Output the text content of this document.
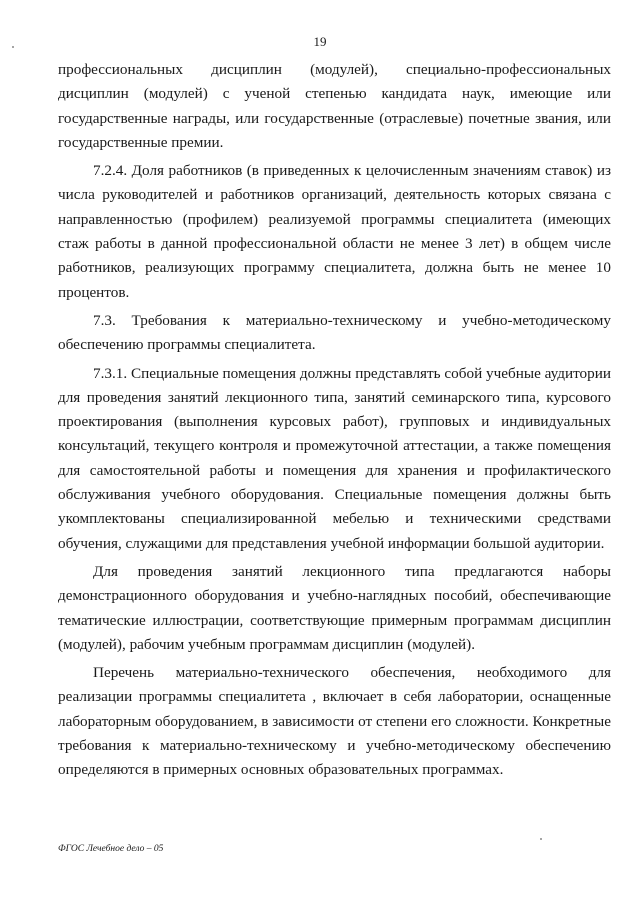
19

профессиональных дисциплин (модулей), специально-профессиональных дисциплин (модулей) с ученой степенью кандидата наук, имеющие или государственные награды, или государственные (отраслевые) почетные звания, или государственные премии.

7.2.4. Доля работников (в приведенных к целочисленным значениям ставок) из числа руководителей и работников организаций, деятельность которых связана с направленностью (профилем) реализуемой программы специалитета (имеющих стаж работы в данной профессиональной области не менее 3 лет) в общем числе работников, реализующих программу специалитета, должна быть не менее 10 процентов.

7.3. Требования к материально-техническому и учебно-методическому обеспечению программы специалитета.

7.3.1. Специальные помещения должны представлять собой учебные аудитории для проведения занятий лекционного типа, занятий семинарского типа, курсового проектирования (выполнения курсовых работ), групповых и индивидуальных консультаций, текущего контроля и промежуточной аттестации, а также помещения для самостоятельной работы и помещения для хранения и профилактического обслуживания учебного оборудования. Специальные помещения должны быть укомплектованы специализированной мебелью и техническими средствами обучения, служащими для представления учебной информации большой аудитории.

Для проведения занятий лекционного типа предлагаются наборы демонстрационного оборудования и учебно-наглядных пособий, обеспечивающие тематические иллюстрации, соответствующие примерным программам дисциплин (модулей), рабочим учебным программам дисциплин (модулей).

Перечень материально-технического обеспечения, необходимого для реализации программы специалитета , включает в себя лаборатории, оснащенные лабораторным оборудованием, в зависимости от степени его сложности. Конкретные требования к материально-техническому и учебно-методическому обеспечению определяются в примерных основных образовательных программах.

ФГОС Лечебное дело – 05
